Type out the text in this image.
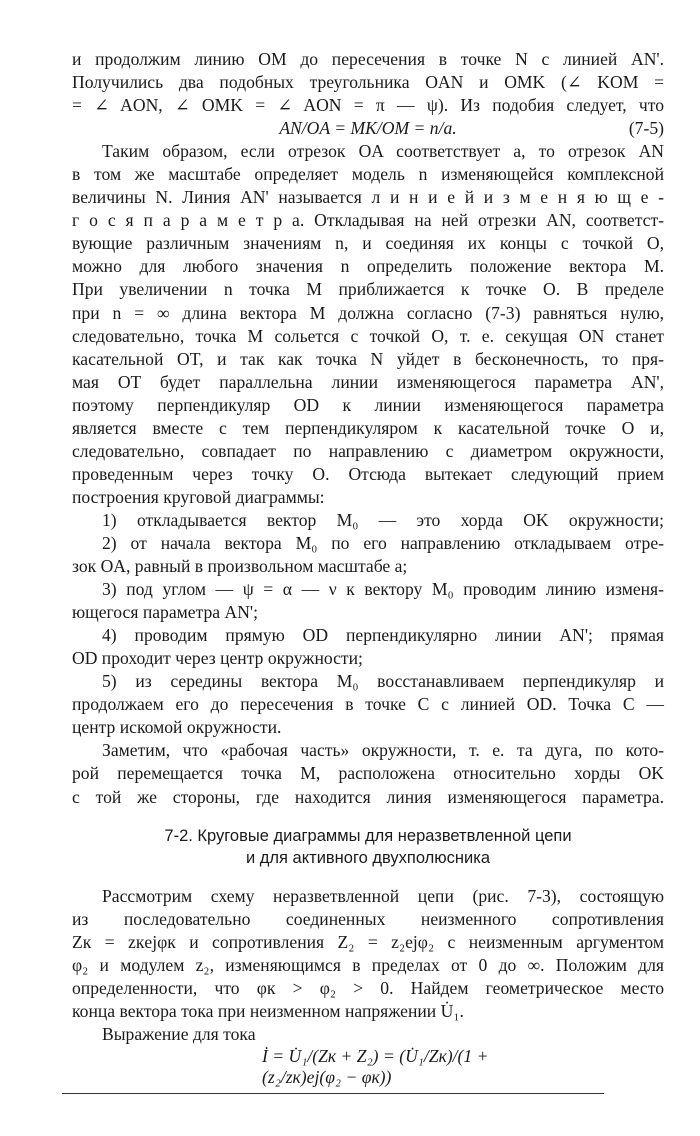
и продолжим линию OM до пересечения в точке N с линией AN'.
Получились два подобных треугольника OAN и OMK (∠ KOM =
= ∠ AON, ∠ OMK = ∠ AON = π — ψ). Из подобия следует, что
AN/OA = MK/OM = n/a.	(7-5)
Таким образом, если отрезок OA соответствует a, то отрезок AN
в том же масштабе определяет модель n изменяющейся комплексной
величины N. Линия AN' называется л и н и е й и з м е н я ю щ е -
г о с я п а р а м е т р а. Откладывая на ней отрезки AN, соответст-
вующие различным значениям n, и соединяя их концы с точкой O,
можно для любого значения n определить положение вектора M.
При увеличении n точка M приближается к точке O. В пределе
при n = ∞ длина вектора M должна согласно (7-3) равняться нулю,
следовательно, точка M сольется с точкой O, т. е. секущая ON станет
касательной OT, и так как точка N уйдет в бесконечность, то пря-
мая OT будет параллельна линии изменяющегося параметра AN',
поэтому перпендикуляр OD к линии изменяющегося параметра
является вместе с тем перпендикуляром к касательной точке O и,
следовательно, совпадает по направлению с диаметром окружности,
проведенным через точку O. Отсюда вытекает следующий прием
построения круговой диаграммы:
1) откладывается вектор M₀ — это хорда OK окружности;
2) от начала вектора M₀ по его направлению откладываем отре-
зок OA, равный в произвольном масштабе a;
3) под углом — ψ = α — ν к вектору M₀ проводим линию изменя-
ющегося параметра AN';
4) проводим прямую OD перпендикулярно линии AN'; прямая
OD проходит через центр окружности;
5) из середины вектора M₀ восстанавливаем перпендикуляр и
продолжаем его до пересечения в точке C с линией OD. Точка C —
центр искомой окружности.
Заметим, что «рабочая часть» окружности, т. е. та дуга, по кото-
рой перемещается точка M, расположена относительно хорды OK
с той же стороны, где находится линия изменяющегося параметра.
7-2. Круговые диаграммы для неразветвленной цепи
и для активного двухполюсника
Рассмотрим схему неразветвленной цепи (рис. 7-3), состоящую
из последовательно соединенных неизменного сопротивления
Zк = zкejφк и сопротивления Z₂ = z₂ejφ₂ с неизменным аргументом
φ₂ и модулем z₂, изменяющимся в пределах от 0 до ∞. Положим для
определенности, что φк > φ₂ > 0. Найдем геометрическое место
конца вектора тока при неизменном напряжении U̇₁.
Выражение для тока
İ = U̇₁/(Zк + Z₂) = (U̇₁/Zк)/(1 + (z₂/zк)ej(φ₂ − φк))
